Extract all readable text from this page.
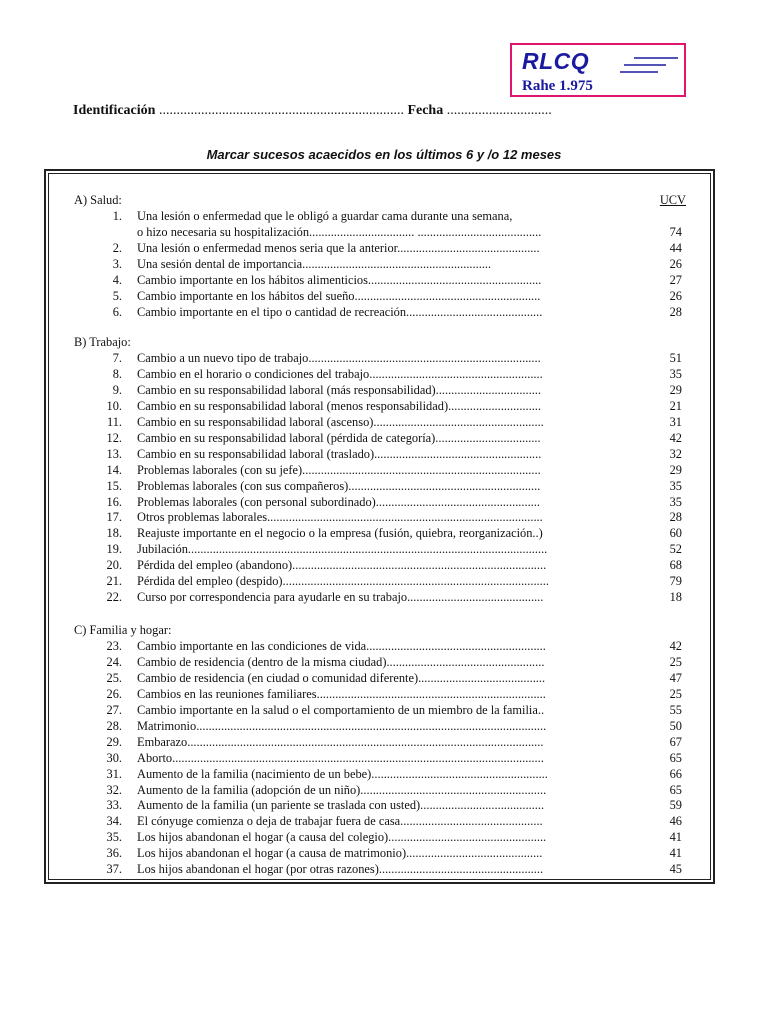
RLCQ
Rahe 1.975
Identificación ...................................................................... Fecha ..............................
Marcar sucesos acaecidos en los últimos 6 y /o 12 meses
UCV
A) Salud:
1. Una lesión o enfermedad que le obligó a guardar cama durante una semana,
o hizo necesaria su hospitalización.................................. ........................................	74
2. Una lesión o enfermedad menos seria que la anterior..............................................	44
3. Una sesión dental de importancia.............................................................	26
4. Cambio importante en los hábitos alimenticios........................................................	27
5. Cambio importante en los hábitos del sueño............................................................	26
6. Cambio importante en el tipo o cantidad de recreación............................................	28
B) Trabajo:
7. Cambio a un nuevo tipo de trabajo...........................................................................	51
8. Cambio en el horario o condiciones del trabajo........................................................	35
9. Cambio en su responsabilidad laboral (más responsabilidad)..................................	29
10. Cambio en su responsabilidad laboral (menos responsabilidad)..............................	21
11. Cambio en su responsabilidad laboral (ascenso).......................................................	31
12. Cambio en su responsabilidad laboral (pérdida de categoría)..................................	42
13. Cambio en su responsabilidad laboral (traslado)......................................................	32
14. Problemas laborales (con su jefe).............................................................................	29
15. Problemas laborales (con sus compañeros)..............................................................	35
16. Problemas laborales (con personal subordinado).....................................................	35
17. Otros problemas laborales.........................................................................................	28
18. Reajuste importante en el negocio o la empresa (fusión, quiebra, reorganización..)	60
19. Jubilación....................................................................................................................	52
20. Pérdida del empleo (abandono)..................................................................................	68
21. Pérdida del empleo (despido)......................................................................................	79
22. Curso por correspondencia para ayudarle en su trabajo............................................	18
C) Familia y hogar:
23. Cambio importante en las condiciones de vida..........................................................	42
24. Cambio de residencia (dentro de la misma ciudad)...................................................	25
25. Cambio de residencia (en ciudad o comunidad diferente).........................................	47
26. Cambios en las reuniones familiares..........................................................................	25
27. Cambio importante en la salud o el comportamiento de un miembro de la familia..	55
28. Matrimonio.................................................................................................................	50
29. Embarazo...................................................................................................................	67
30. Aborto........................................................................................................................	65
31. Aumento de la familia (nacimiento de un bebe).........................................................	66
32. Aumento de la familia (adopción de un niño)............................................................	65
33. Aumento de la familia (un pariente se traslada con usted)........................................	59
34. El cónyuge comienza o deja de trabajar fuera de casa..............................................	46
35. Los hijos abandonan el hogar (a causa del colegio)...................................................	41
36. Los hijos abandonan el hogar (a causa de matrimonio)............................................	41
37. Los hijos abandonan el hogar (por otras razones).....................................................	45
